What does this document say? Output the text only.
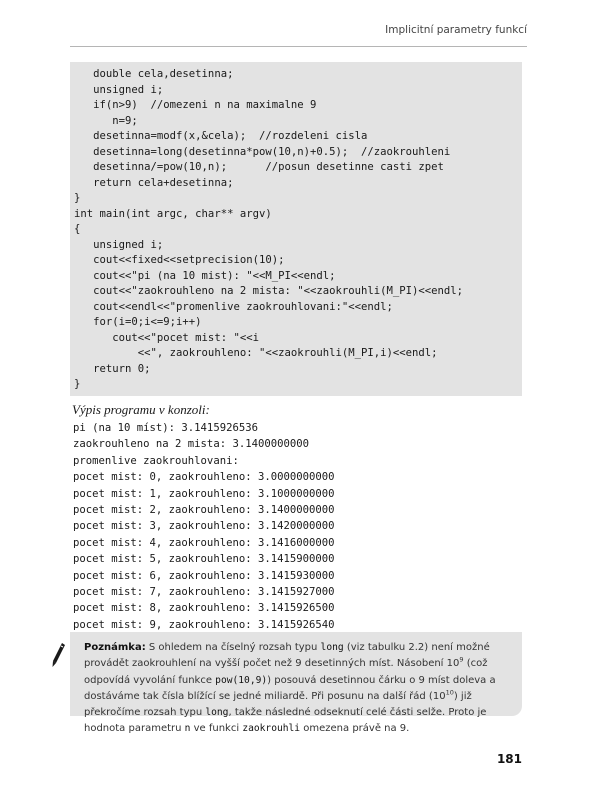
Implicitní parametry funkcí
double cela,desetinna;
unsigned i;
if(n>9)  //omezeni n na maximalne 9
n=9;
desetinna=modf(x,&cela);  //rozdeleni cisla
desetinna=long(desetinna*pow(10,n)+0.5);  //zaokrouhleni
desetinna/=pow(10,n);      //posun desetinne casti zpet
return cela+desetinna;
}
int main(int argc, char** argv)
{
unsigned i;
cout<<fixed<<setprecision(10);
cout<<"pi (na 10 mist): "<<M_PI<<endl;
cout<<"zaokrouhleno na 2 mista: "<<zaokrouhli(M_PI)<<endl;
cout<<endl<<"promenlive zaokrouhlovani:"<<endl;
for(i=0;i<=9;i++)
cout<<"pocet mist: "<<i
<<", zaokrouhleno: "<<zaokrouhli(M_PI,i)<<endl;
return 0;
}
Výpis programu v konzoli:
pi (na 10 míst): 3.1415926536
zaokrouhleno na 2 mista: 3.1400000000
promenlive zaokrouhlovani:
pocet mist: 0, zaokrouhleno: 3.0000000000
pocet mist: 1, zaokrouhleno: 3.1000000000
pocet mist: 2, zaokrouhleno: 3.1400000000
pocet mist: 3, zaokrouhleno: 3.1420000000
pocet mist: 4, zaokrouhleno: 3.1416000000
pocet mist: 5, zaokrouhleno: 3.1415900000
pocet mist: 6, zaokrouhleno: 3.1415930000
pocet mist: 7, zaokrouhleno: 3.1415927000
pocet mist: 8, zaokrouhleno: 3.1415926500
pocet mist: 9, zaokrouhleno: 3.1415926540
Poznámka: S ohledem na číselný rozsah typu long (viz tabulku 2.2) není možné provádět zaokrouhlení na vyšší počet než 9 desetinných míst. Násobení $10^9$ (což odpovídá vyvolání funkce pow(10,9)) posouvá desetinnou čárku o 9 míst doleva a dostáváme tak čísla blížící se jedné miliardě. Při posunu na další řád $(10^{10})$ již překročíme rozsah typu long, takže následné odseknutí celé části selže. Proto je hodnota parametru n ve funkci zaokrouhli omezena právě na 9.
181
